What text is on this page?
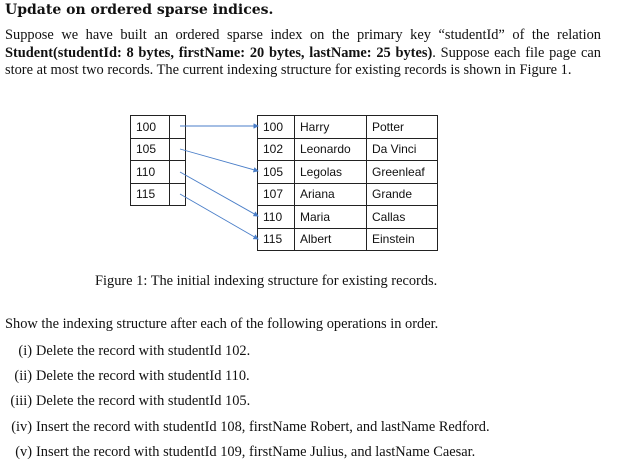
Update on ordered sparse indices.
Suppose we have built an ordered sparse index on the primary key “studentId” of the relation Student(studentId: 8 bytes, firstName: 20 bytes, lastName: 25 bytes). Suppose each file page can store at most two records. The current indexing structure for existing records is shown in Figure 1.
100	
105	
110	
115	
100	Harry	Potter
102	Leonardo	Da Vinci
105	Legolas	Greenleaf
107	Ariana	Grande
110	Maria	Callas
115	Albert	Einstein
Figure 1: The initial indexing structure for existing records.
Show the indexing structure after each of the following operations in order.
(i) Delete the record with studentId 102.
(ii) Delete the record with studentId 110.
(iii) Delete the record with studentId 105.
(iv) Insert the record with studentId 108, firstName Robert, and lastName Redford.
(v) Insert the record with studentId 109, firstName Julius, and lastName Caesar.
